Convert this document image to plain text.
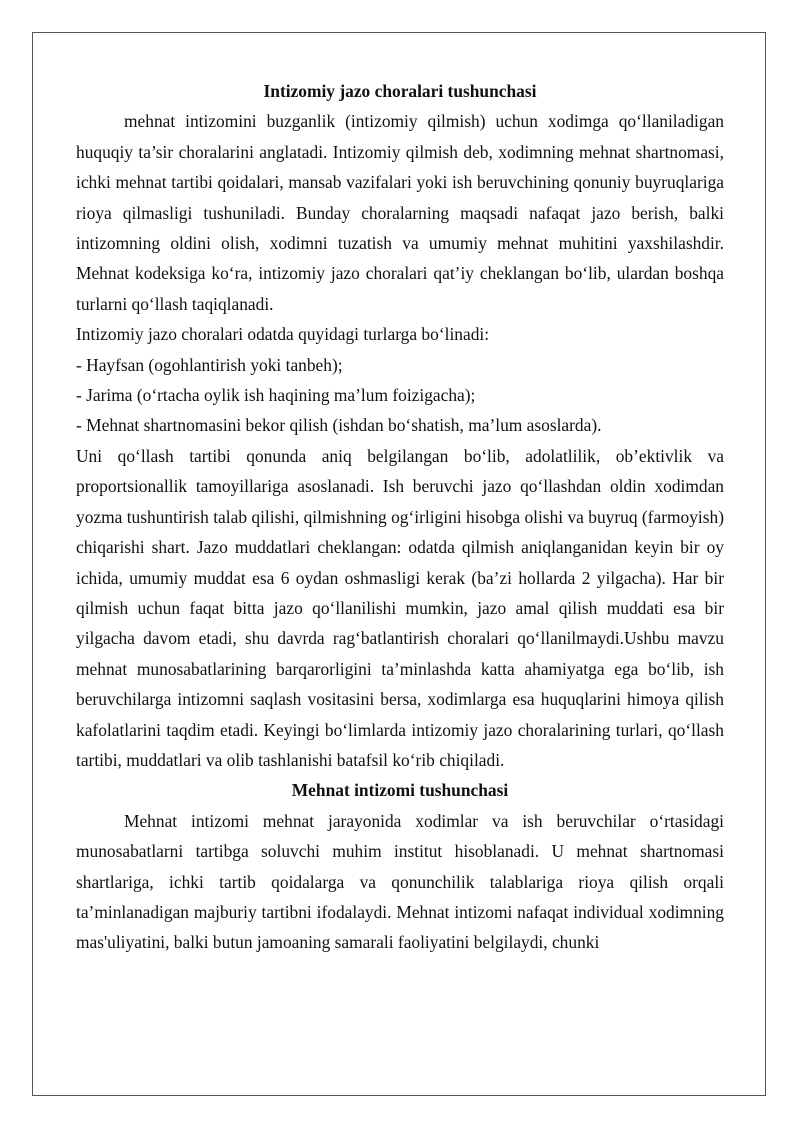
Intizomiy jazo choralari tushunchasi

mehnat intizomini buzganlik (intizomiy qilmish) uchun xodimga qo‘llaniladigan huquqiy ta’sir choralarini anglatadi. Intizomiy qilmish deb, xodimning mehnat shartnomasi, ichki mehnat tartibi qoidalari, mansab vazifalari yoki ish beruvchining qonuniy buyruqlariga rioya qilmasligi tushuniladi. Bunday choralarning maqsadi nafaqat jazo berish, balki intizomning oldini olish, xodimni tuzatish va umumiy mehnat muhitini yaxshilashdir. Mehnat kodeksiga ko‘ra, intizomiy jazo choralari qat’iy cheklangan bo‘lib, ulardan boshqa turlarni qo‘llash taqiqlanadi.

Intizomiy jazo choralari odatda quyidagi turlarga bo‘linadi:

- Hayfsan (ogohlantirish yoki tanbeh);

- Jarima (o‘rtacha oylik ish haqining ma’lum foizigacha);

- Mehnat shartnomasini bekor qilish (ishdan bo‘shatish, ma’lum asoslarda).

Uni qo‘llash tartibi qonunda aniq belgilangan bo‘lib, adolatlilik, ob’ektivlik va proportsionallik tamoyillariga asoslanadi. Ish beruvchi jazo qo‘llashdan oldin xodimdan yozma tushuntirish talab qilishi, qilmishning og‘irligini hisobga olishi va buyruq (farmoyish) chiqarishi shart. Jazo muddatlari cheklangan: odatda qilmish aniqlanganidan keyin bir oy ichida, umumiy muddat esa 6 oydan oshmasligi kerak (ba’zi hollarda 2 yilgacha). Har bir qilmish uchun faqat bitta jazo qo‘llanilishi mumkin, jazo amal qilish muddati esa bir yilgacha davom etadi, shu davrda rag‘batlantirish choralari qo‘llanilmaydi.Ushbu mavzu mehnat munosabatlarining barqarorligini ta’minlashda katta ahamiyatga ega bo‘lib, ish beruvchilarga intizomni saqlash vositasini bersa, xodimlarga esa huquqlarini himoya qilish kafolatlarini taqdim etadi. Keyingi bo‘limlarda intizomiy jazo choralarining turlari, qo‘llash tartibi, muddatlari va olib tashlanishi batafsil ko‘rib chiqiladi.

Mehnat intizomi tushunchasi

Mehnat intizomi mehnat jarayonida xodimlar va ish beruvchilar o‘rtasidagi munosabatlarni tartibga soluvchi muhim institut hisoblanadi. U mehnat shartnomasi shartlariga, ichki tartib qoidalarga va qonunchilik talablariga rioya qilish orqali ta’minlanadigan majburiy tartibni ifodalaydi. Mehnat intizomi nafaqat individual xodimning mas'uliyatini, balki butun jamoaning samarali faoliyatini belgilaydi, chunki
